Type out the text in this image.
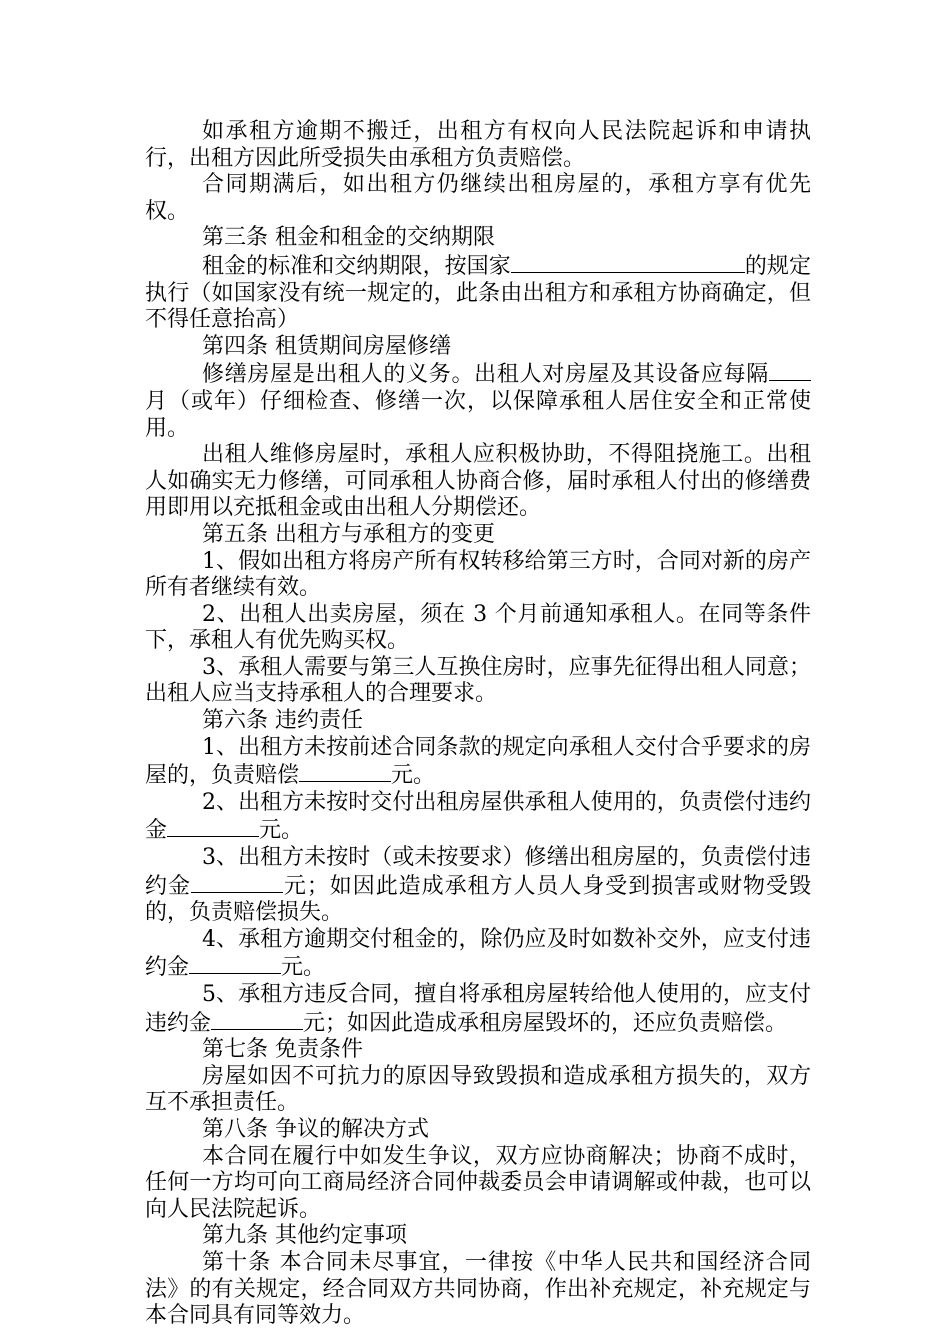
如承租方逾期不搬迁，出租方有权向人民法院起诉和申请执行，出租方因此所受损失由承租方负责赔偿。

合同期满后，如出租方仍继续出租房屋的，承租方享有优先权。

第三条 租金和租金的交纳期限

租金的标准和交纳期限，按国家	的规定执行（如国家没有统一规定的，此条由出租方和承租方协商确定，但不得任意抬高）

第四条 租赁期间房屋修缮

修缮房屋是出租人的义务。出租人对房屋及其设备应每隔月（或年）仔细检查、修缮一次，以保障承租人居住安全和正常使用。

出租人维修房屋时，承租人应积极协助，不得阻挠施工。出租人如确实无力修缮，可同承租人协商合修，届时承租人付出的修缮费用即用以充抵租金或由出租人分期偿还。

第五条 出租方与承租方的变更

1、假如出租方将房产所有权转移给第三方时，合同对新的房产所有者继续有效。

2、出租人出卖房屋，须在 3 个月前通知承租人。在同等条件下，承租人有优先购买权。

3、承租人需要与第三人互换住房时，应事先征得出租人同意；出租人应当支持承租人的合理要求。

第六条 违约责任

1、出租方未按前述合同条款的规定向承租人交付合乎要求的房屋的，负责赔偿	元。

2、出租方未按时交付出租房屋供承租人使用的，负责偿付违约金	元。

3、出租方未按时（或未按要求）修缮出租房屋的，负责偿付违约金	元；如因此造成承租方人员人身受到损害或财物受毁的，负责赔偿损失。

4、承租方逾期交付租金的，除仍应及时如数补交外，应支付违约金	元。

5、承租方违反合同，擅自将承租房屋转给他人使用的，应支付违约金	元；如因此造成承租房屋毁坏的，还应负责赔偿。

第七条 免责条件

房屋如因不可抗力的原因导致毁损和造成承租方损失的，双方互不承担责任。

第八条 争议的解决方式

本合同在履行中如发生争议，双方应协商解决；协商不成时，任何一方均可向工商局经济合同仲裁委员会申请调解或仲裁，也可以向人民法院起诉。

第九条 其他约定事项

第十条 本合同未尽事宜，一律按《中华人民共和国经济合同法》的有关规定，经合同双方共同协商，作出补充规定，补充规定与本合同具有同等效力。
